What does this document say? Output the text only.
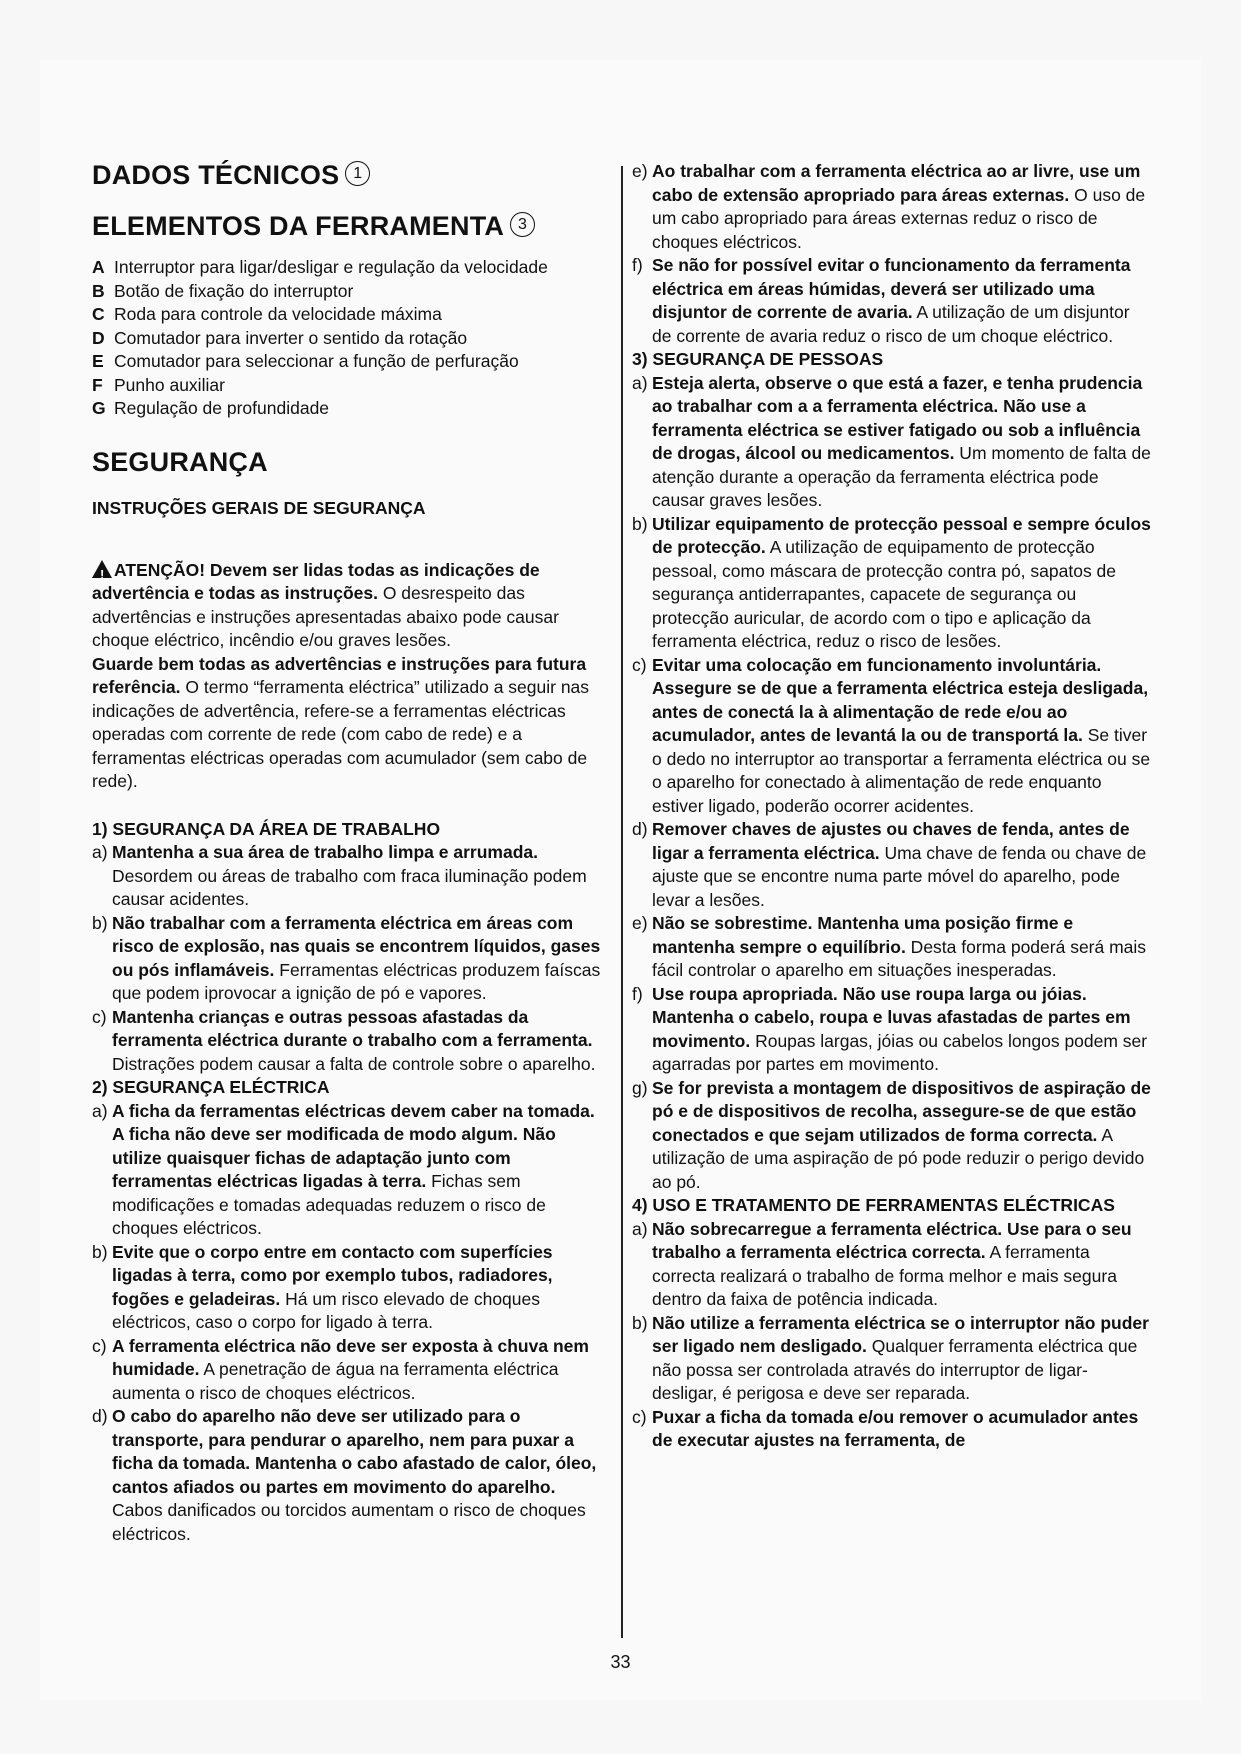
DADOS TÉCNICOS 1
ELEMENTOS DA FERRAMENTA 3
A Interruptor para ligar/desligar e regulação da velocidade
B Botão de fixação do interruptor
C Roda para controle da velocidade máxima
D Comutador para inverter o sentido da rotação
E Comutador para seleccionar a função de perfuração
F Punho auxiliar
G Regulação de profundidade
SEGURANÇA
INSTRUÇÕES GERAIS DE SEGURANÇA

!ATENÇÃO! Devem ser lidas todas as indicações de advertência e todas as instruções. O desrespeito das advertências e instruções apresentadas abaixo pode causar choque eléctrico, incêndio e/ou graves lesões.

Guarde bem todas as advertências e instruções para futura referência. O termo “ferramenta eléctrica” utilizado a seguir nas indicações de advertência, refere-se a ferramentas eléctricas operadas com corrente de rede (com cabo de rede) e a ferramentas eléctricas operadas com acumulador (sem cabo de rede).

1) SEGURANÇA DA ÁREA DE TRABALHO
a) Mantenha a sua área de trabalho limpa e arrumada. Desordem ou áreas de trabalho com fraca iluminação podem causar acidentes.
b) Não trabalhar com a ferramenta eléctrica em áreas com risco de explosão, nas quais se encontrem líquidos, gases ou pós inflamáveis. Ferramentas eléctricas produzem faíscas que podem iprovocar a ignição de pó e vapores.
c) Mantenha crianças e outras pessoas afastadas da ferramenta eléctrica durante o trabalho com a ferramenta. Distrações podem causar a falta de controle sobre o aparelho.
2) SEGURANÇA ELÉCTRICA
a) A ficha da ferramentas eléctricas devem caber na tomada. A ficha não deve ser modificada de modo algum. Não utilize quaisquer fichas de adaptação junto com ferramentas eléctricas ligadas à terra. Fichas sem modificações e tomadas adequadas reduzem o risco de choques eléctricos.
b) Evite que o corpo entre em contacto com superfícies ligadas à terra, como por exemplo tubos, radiadores, fogões e geladeiras. Há um risco elevado de choques eléctricos, caso o corpo for ligado à terra.
c) A ferramenta eléctrica não deve ser exposta à chuva nem humidade. A penetração de água na ferramenta eléctrica aumenta o risco de choques eléctricos.
d) O cabo do aparelho não deve ser utilizado para o transporte, para pendurar o aparelho, nem para puxar a ficha da tomada. Mantenha o cabo afastado de calor, óleo, cantos afiados ou partes em movimento do aparelho. Cabos danificados ou torcidos aumentam o risco de choques eléctricos.
e) Ao trabalhar com a ferramenta eléctrica ao ar livre, use um cabo de extensão apropriado para áreas externas. O uso de um cabo apropriado para áreas externas reduz o risco de choques eléctricos.
f) Se não for possível evitar o funcionamento da ferramenta eléctrica em áreas húmidas, deverá ser utilizado uma disjuntor de corrente de avaria. A utilização de um disjuntor de corrente de avaria reduz o risco de um choque eléctrico.
3) SEGURANÇA DE PESSOAS
a) Esteja alerta, observe o que está a fazer, e tenha prudencia ao trabalhar com a a ferramenta eléctrica. Não use a ferramenta eléctrica se estiver fatigado ou sob a influência de drogas, álcool ou medicamentos. Um momento de falta de atenção durante a operação da ferramenta eléctrica pode causar graves lesões.
b) Utilizar equipamento de protecção pessoal e sempre óculos de protecção. A utilização de equipamento de protecção pessoal, como máscara de protecção contra pó, sapatos de segurança antiderrapantes, capacete de segurança ou protecção auricular, de acordo com o tipo e aplicação da ferramenta eléctrica, reduz o risco de lesões.
c) Evitar uma colocação em funcionamento involuntária. Assegure se de que a ferramenta eléctrica esteja desligada, antes de conectá la à alimentação de rede e/ou ao acumulador, antes de levantá la ou de transportá la. Se tiver o dedo no interruptor ao transportar a ferramenta eléctrica ou se o aparelho for conectado à alimentação de rede enquanto estiver ligado, poderão ocorrer acidentes.
d) Remover chaves de ajustes ou chaves de fenda, antes de ligar a ferramenta eléctrica. Uma chave de fenda ou chave de ajuste que se encontre numa parte móvel do aparelho, pode levar a lesões.
e) Não se sobrestime. Mantenha uma posição firme e mantenha sempre o equilíbrio. Desta forma poderá será mais fácil controlar o aparelho em situações inesperadas.
f) Use roupa apropriada. Não use roupa larga ou jóias. Mantenha o cabelo, roupa e luvas afastadas de partes em movimento. Roupas largas, jóias ou cabelos longos podem ser agarradas por partes em movimento.
g) Se for prevista a montagem de dispositivos de aspiração de pó e de dispositivos de recolha, assegure-se de que estão conectados e que sejam utilizados de forma correcta. A utilização de uma aspiração de pó pode reduzir o perigo devido ao pó.
4) USO E TRATAMENTO DE FERRAMENTAS ELÉCTRICAS
a) Não sobrecarregue a ferramenta eléctrica. Use para o seu trabalho a ferramenta eléctrica correcta. A ferramenta correcta realizará o trabalho de forma melhor e mais segura dentro da faixa de potência indicada.
b) Não utilize a ferramenta eléctrica se o interruptor não puder ser ligado nem desligado. Qualquer ferramenta eléctrica que não possa ser controlada através do interruptor de ligar-desligar, é perigosa e deve ser reparada.
c) Puxar a ficha da tomada e/ou remover o acumulador antes de executar ajustes na ferramenta, de
33
